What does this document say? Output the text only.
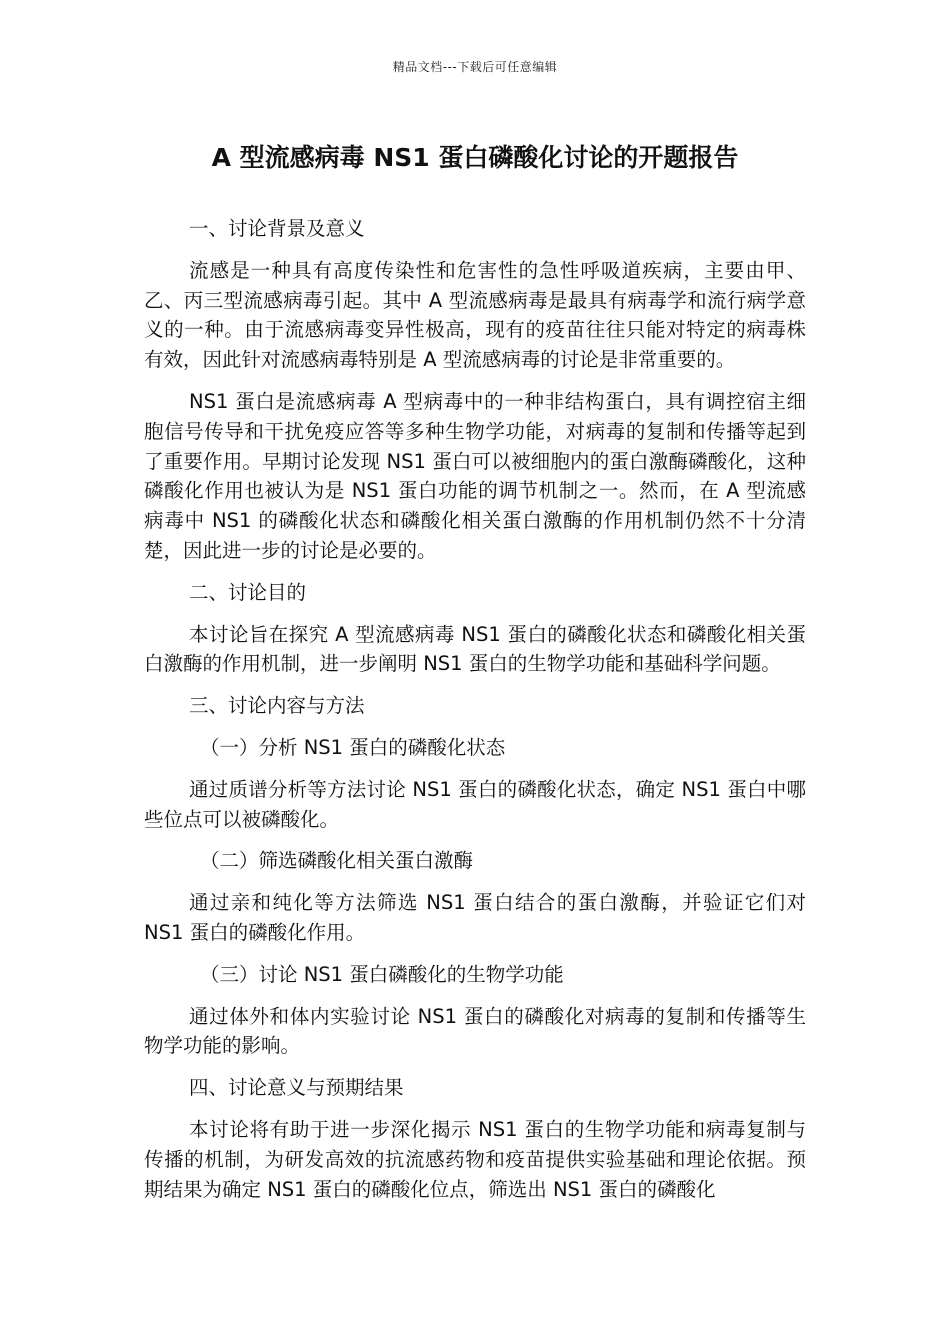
精品文档---下载后可任意编辑
A 型流感病毒 NS1 蛋白磷酸化讨论的开题报告

一、讨论背景及意义

流感是一种具有高度传染性和危害性的急性呼吸道疾病，主要由甲、乙、丙三型流感病毒引起。其中 A 型流感病毒是最具有病毒学和流行病学意义的一种。由于流感病毒变异性极高，现有的疫苗往往只能对特定的病毒株有效，因此针对流感病毒特别是 A 型流感病毒的讨论是非常重要的。

NS1 蛋白是流感病毒 A 型病毒中的一种非结构蛋白，具有调控宿主细胞信号传导和干扰免疫应答等多种生物学功能，对病毒的复制和传播等起到了重要作用。早期讨论发现 NS1 蛋白可以被细胞内的蛋白激酶磷酸化，这种磷酸化作用也被认为是 NS1 蛋白功能的调节机制之一。然而，在 A 型流感病毒中 NS1 的磷酸化状态和磷酸化相关蛋白激酶的作用机制仍然不十分清楚，因此进一步的讨论是必要的。

二、讨论目的

本讨论旨在探究 A 型流感病毒 NS1 蛋白的磷酸化状态和磷酸化相关蛋白激酶的作用机制，进一步阐明 NS1 蛋白的生物学功能和基础科学问题。

三、讨论内容与方法

（一）分析 NS1 蛋白的磷酸化状态

通过质谱分析等方法讨论 NS1 蛋白的磷酸化状态，确定 NS1 蛋白中哪些位点可以被磷酸化。

（二）筛选磷酸化相关蛋白激酶

通过亲和纯化等方法筛选 NS1 蛋白结合的蛋白激酶，并验证它们对 NS1 蛋白的磷酸化作用。

（三）讨论 NS1 蛋白磷酸化的生物学功能

通过体外和体内实验讨论 NS1 蛋白的磷酸化对病毒的复制和传播等生物学功能的影响。

四、讨论意义与预期结果

本讨论将有助于进一步深化揭示 NS1 蛋白的生物学功能和病毒复制与传播的机制，为研发高效的抗流感药物和疫苗提供实验基础和理论依据。预期结果为确定 NS1 蛋白的磷酸化位点，筛选出 NS1 蛋白的磷酸化
